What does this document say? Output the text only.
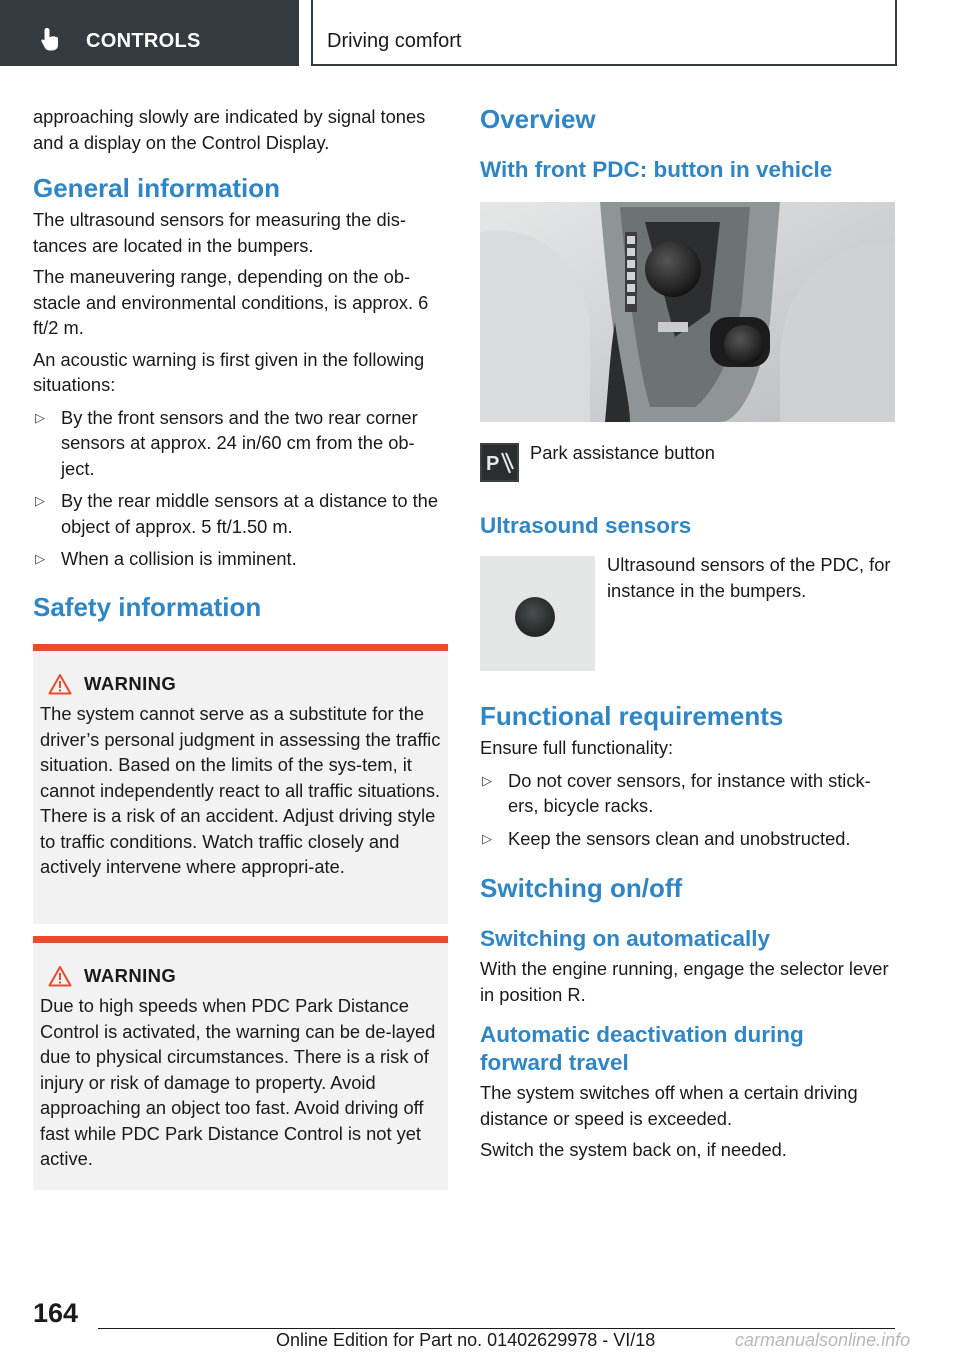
CONTROLS	Driving comfort

approaching slowly are indicated by signal tones and a display on the Control Display.

General information

The ultrasound sensors for measuring the dis‐tances are located in the bumpers.

The maneuvering range, depending on the ob‐stacle and environmental conditions, is approx. 6 ft/2 m.

An acoustic warning is first given in the following situations:

▷ By the front sensors and the two rear corner sensors at approx. 24 in/60 cm from the ob‐ject.
▷ By the rear middle sensors at a distance to the object of approx. 5 ft/1.50 m.
▷ When a collision is imminent.
Safety information
WARNING

The system cannot serve as a substitute for the driver’s personal judgment in assessing the traffic situation. Based on the limits of the sys‐tem, it cannot independently react to all traffic situations. There is a risk of an accident. Adjust driving style to traffic conditions. Watch traffic closely and actively intervene where appropri‐ate.

WARNING

Due to high speeds when PDC Park Distance Control is activated, the warning can be de‐layed due to physical circumstances. There is a risk of injury or risk of damage to property. Avoid approaching an object too fast. Avoid driving off fast while PDC Park Distance Control is not yet active.

Overview
With front PDC: button in vehicle
P
Park assistance button
Ultrasound sensors

Ultrasound sensors of the PDC, for instance in the bumpers.

Functional requirements

Ensure full functionality:

▷ Do not cover sensors, for instance with stick‐ers, bicycle racks.
▷ Keep the sensors clean and unobstructed.
Switching on/off
Switching on automatically

With the engine running, engage the selector lever in position R.

Automatic deactivation during forward travel

The system switches off when a certain driving distance or speed is exceeded.

Switch the system back on, if needed.

164
Online Edition for Part no. 01402629978 - VI/18	carmanualsonline.info
